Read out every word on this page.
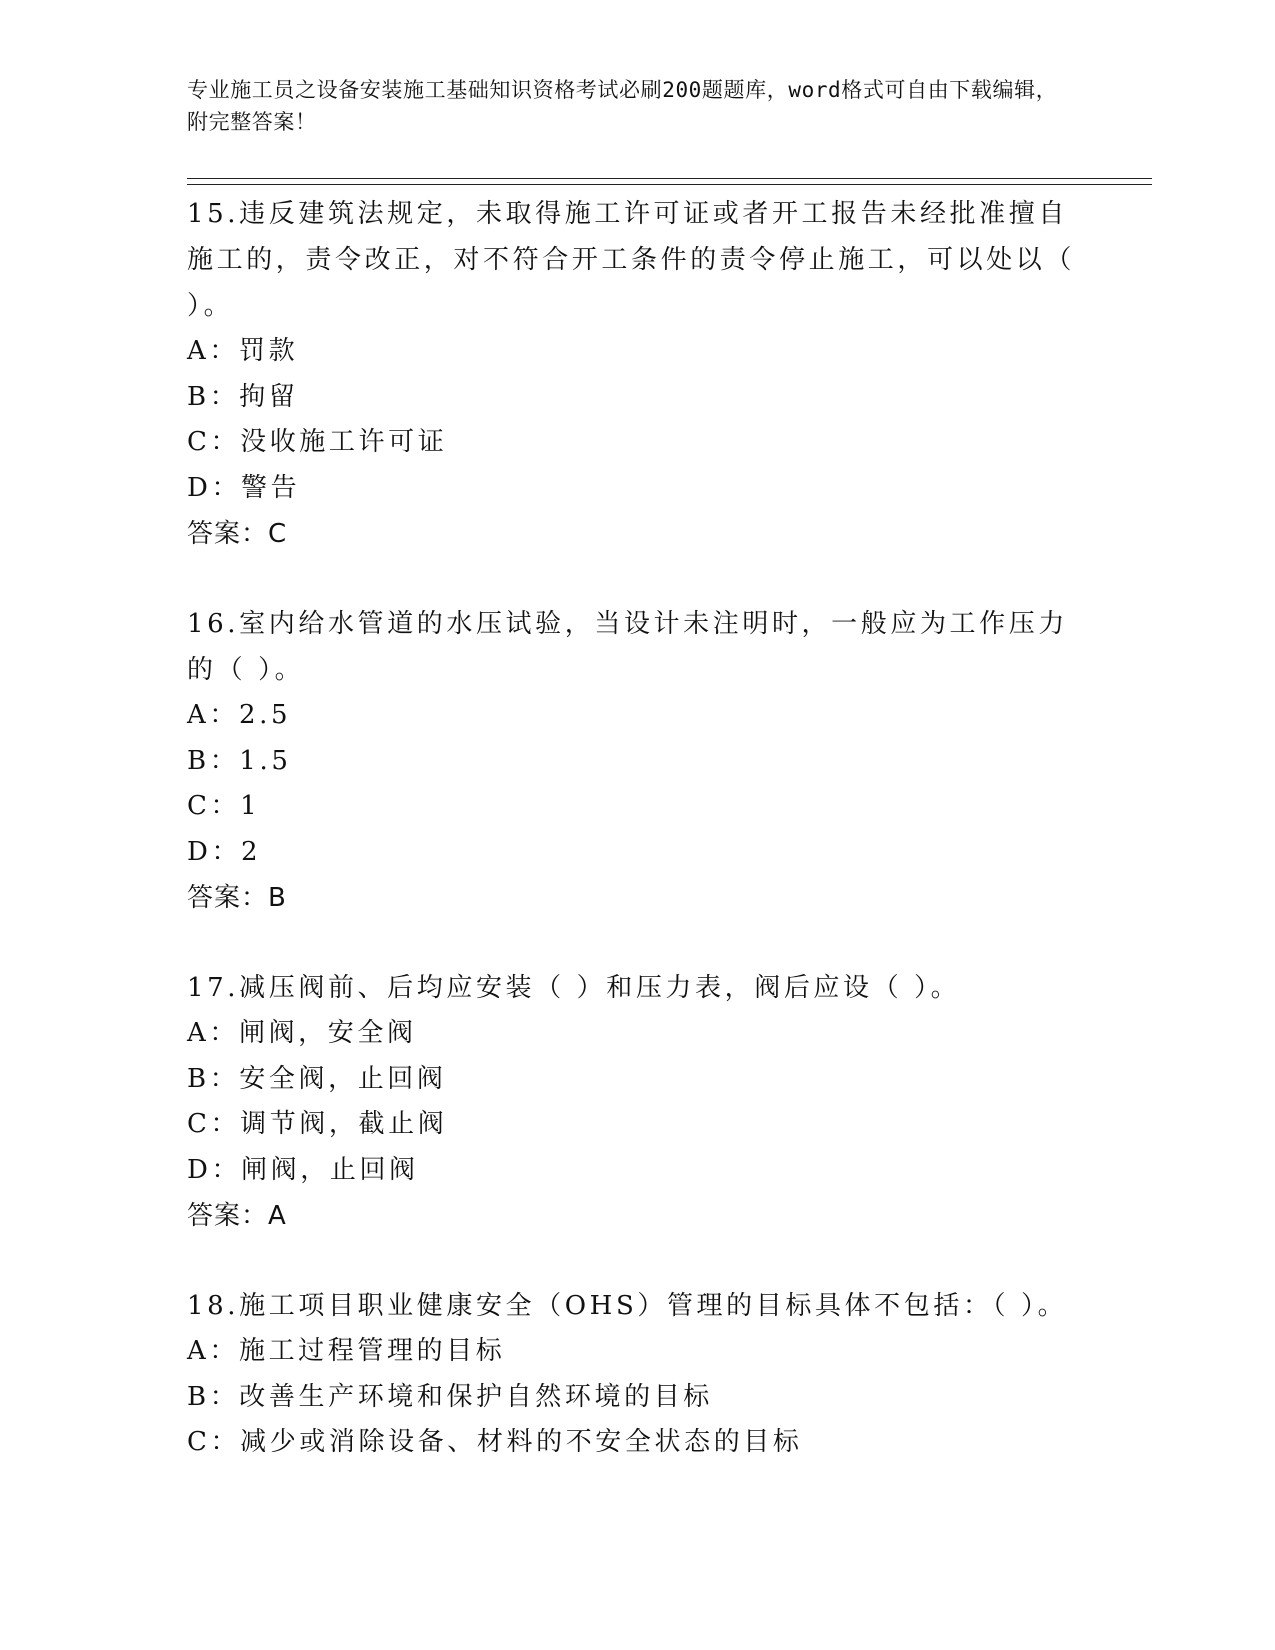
专业施工员之设备安装施工基础知识资格考试必刷200题题库，word格式可自由下载编辑，附完整答案！
15.违反建筑法规定，未取得施工许可证或者开工报告未经批准擅自施工的，责令改正，对不符合开工条件的责令停止施工，可以处以（ ）。
A：罚款
B：拘留
C：没收施工许可证
D：警告
答案：C
16.室内给水管道的水压试验，当设计未注明时，一般应为工作压力的（ ）。
A：2.5
B：1.5
C：1
D：2
答案：B
17.减压阀前、后均应安装（ ）和压力表，阀后应设（ ）。
A：闸阀，安全阀
B：安全阀，止回阀
C：调节阀，截止阀
D：闸阀，止回阀
答案：A
18.施工项目职业健康安全（OHS）管理的目标具体不包括：（ ）。
A：施工过程管理的目标
B：改善生产环境和保护自然环境的目标
C：减少或消除设备、材料的不安全状态的目标
